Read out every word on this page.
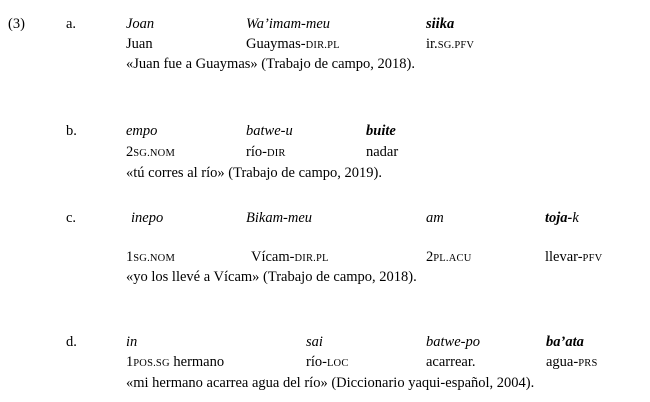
(3)	a.	Joan	Wa’imam-meu	siika
Juan	Guaymas-DIR.PL	ir.SG.PFV
«Juan fue a Guaymas» (Trabajo de campo, 2018).
b.	empo	batwe-u	buite
2SG.NOM	río-DIR	nadar
«tú corres al río» (Trabajo de campo, 2019).
c.	inepo	Bikam-meu	am	toja-k
1SG.NOM	Vícam-DIR.PL	2PL.ACU	llevar-PFV
«yo los llevé a Vícam» (Trabajo de campo, 2018).
d.	in	sai	batwe-po	ba’ata
1POS.SG hermano	río-LOC	acarrear.	agua-PRS
«mi hermano acarrea agua del río» (Diccionario yaqui-español, 2004).
